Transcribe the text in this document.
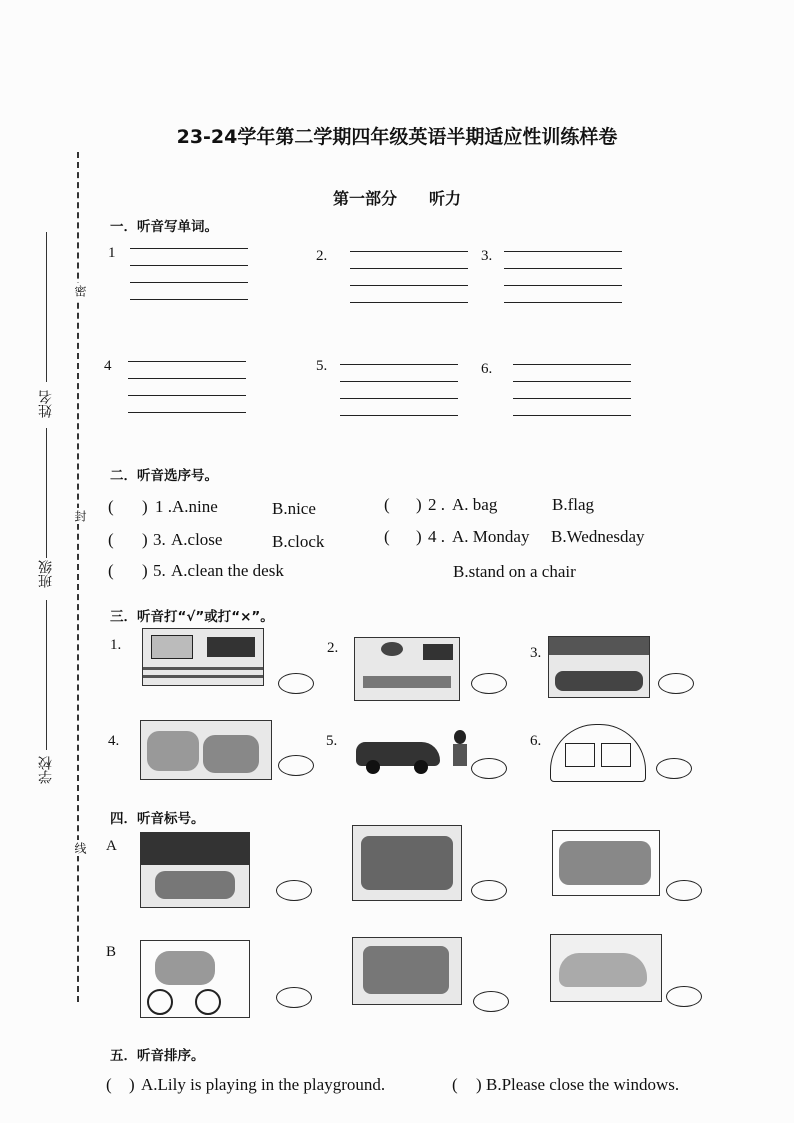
密
封
线
姓名
班级
学校
23-24学年第二学期四年级英语半期适应性训练样卷
第一部分　　听力
一．听音写单词。
1	2.	3.
4	5.	6.
二．听音选序号。
( ) 1 . A.nine	B.nice	( ) 2 . A. bag	B.flag
( ) 3. A.close	B.clock	( ) 4 . A. Monday B.Wednesday
( ) 5. A.clean the desk	B.stand on a chair
三．听音打“√”或打“×”。
1.	2.	3.
4.	5.	6.
四．听音标号。
A
B
五．听音排序。
( ) A.Lily is playing in the playground.	( ) B.Please close the windows.
